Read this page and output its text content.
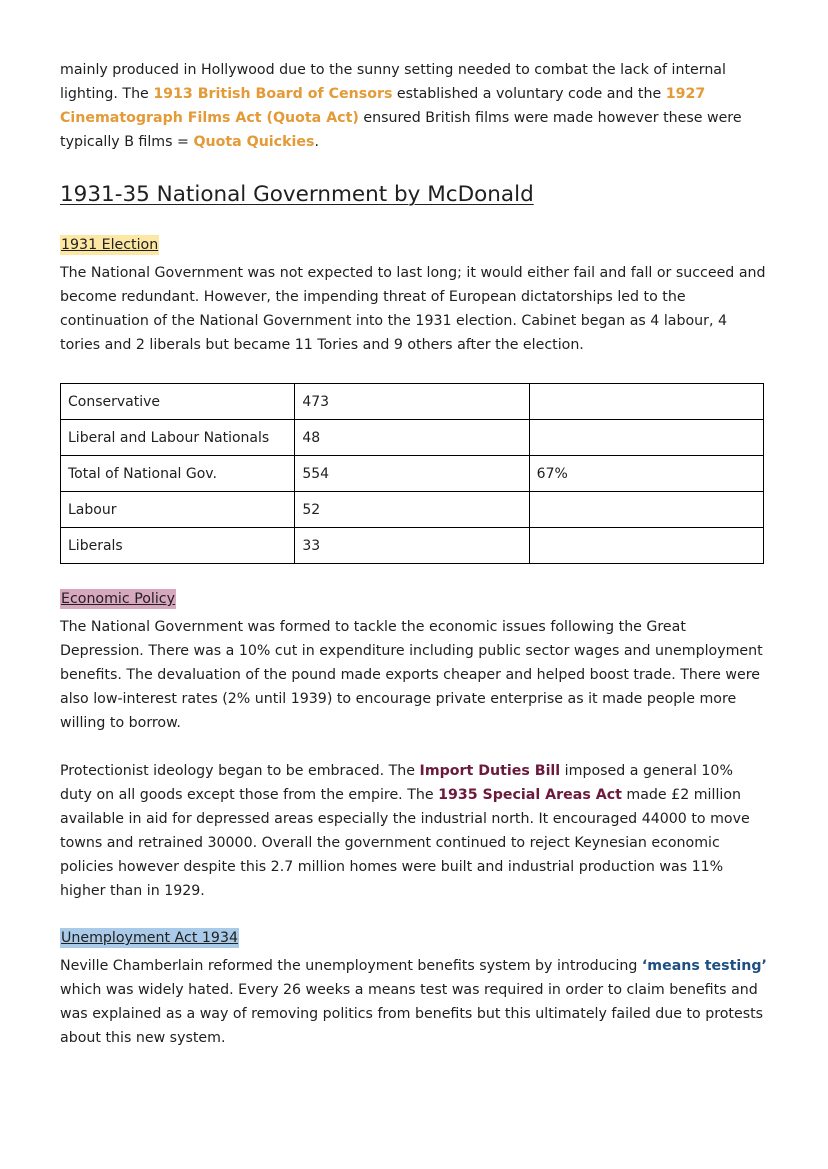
mainly produced in Hollywood due to the sunny setting needed to combat the lack of internal lighting. The 1913 British Board of Censors established a voluntary code and the 1927 Cinematograph Films Act (Quota Act) ensured British films were made however these were typically B films = Quota Quickies.

1931-35 National Government by McDonald
1931 Election

The National Government was not expected to last long; it would either fail and fall or succeed and become redundant. However, the impending threat of European dictatorships led to the continuation of the National Government into the 1931 election. Cabinet began as 4 labour, 4 tories and 2 liberals but became 11 Tories and 9 others after the election.

Conservative	473	
Liberal and Labour Nationals	48	
Total of National Gov.	554	67%
Labour	52	
Liberals	33	
Economic Policy

The National Government was formed to tackle the economic issues following the Great Depression. There was a 10% cut in expenditure including public sector wages and unemployment benefits. The devaluation of the pound made exports cheaper and helped boost trade. There were also low-interest rates (2% until 1939) to encourage private enterprise as it made people more willing to borrow.

Protectionist ideology began to be embraced. The Import Duties Bill imposed a general 10% duty on all goods except those from the empire. The 1935 Special Areas Act made £2 million available in aid for depressed areas especially the industrial north. It encouraged 44000 to move towns and retrained 30000. Overall the government continued to reject Keynesian economic policies however despite this 2.7 million homes were built and industrial production was 11% higher than in 1929.

Unemployment Act 1934

Neville Chamberlain reformed the unemployment benefits system by introducing ‘means testing’ which was widely hated. Every 26 weeks a means test was required in order to claim benefits and was explained as a way of removing politics from benefits but this ultimately failed due to protests about this new system.
